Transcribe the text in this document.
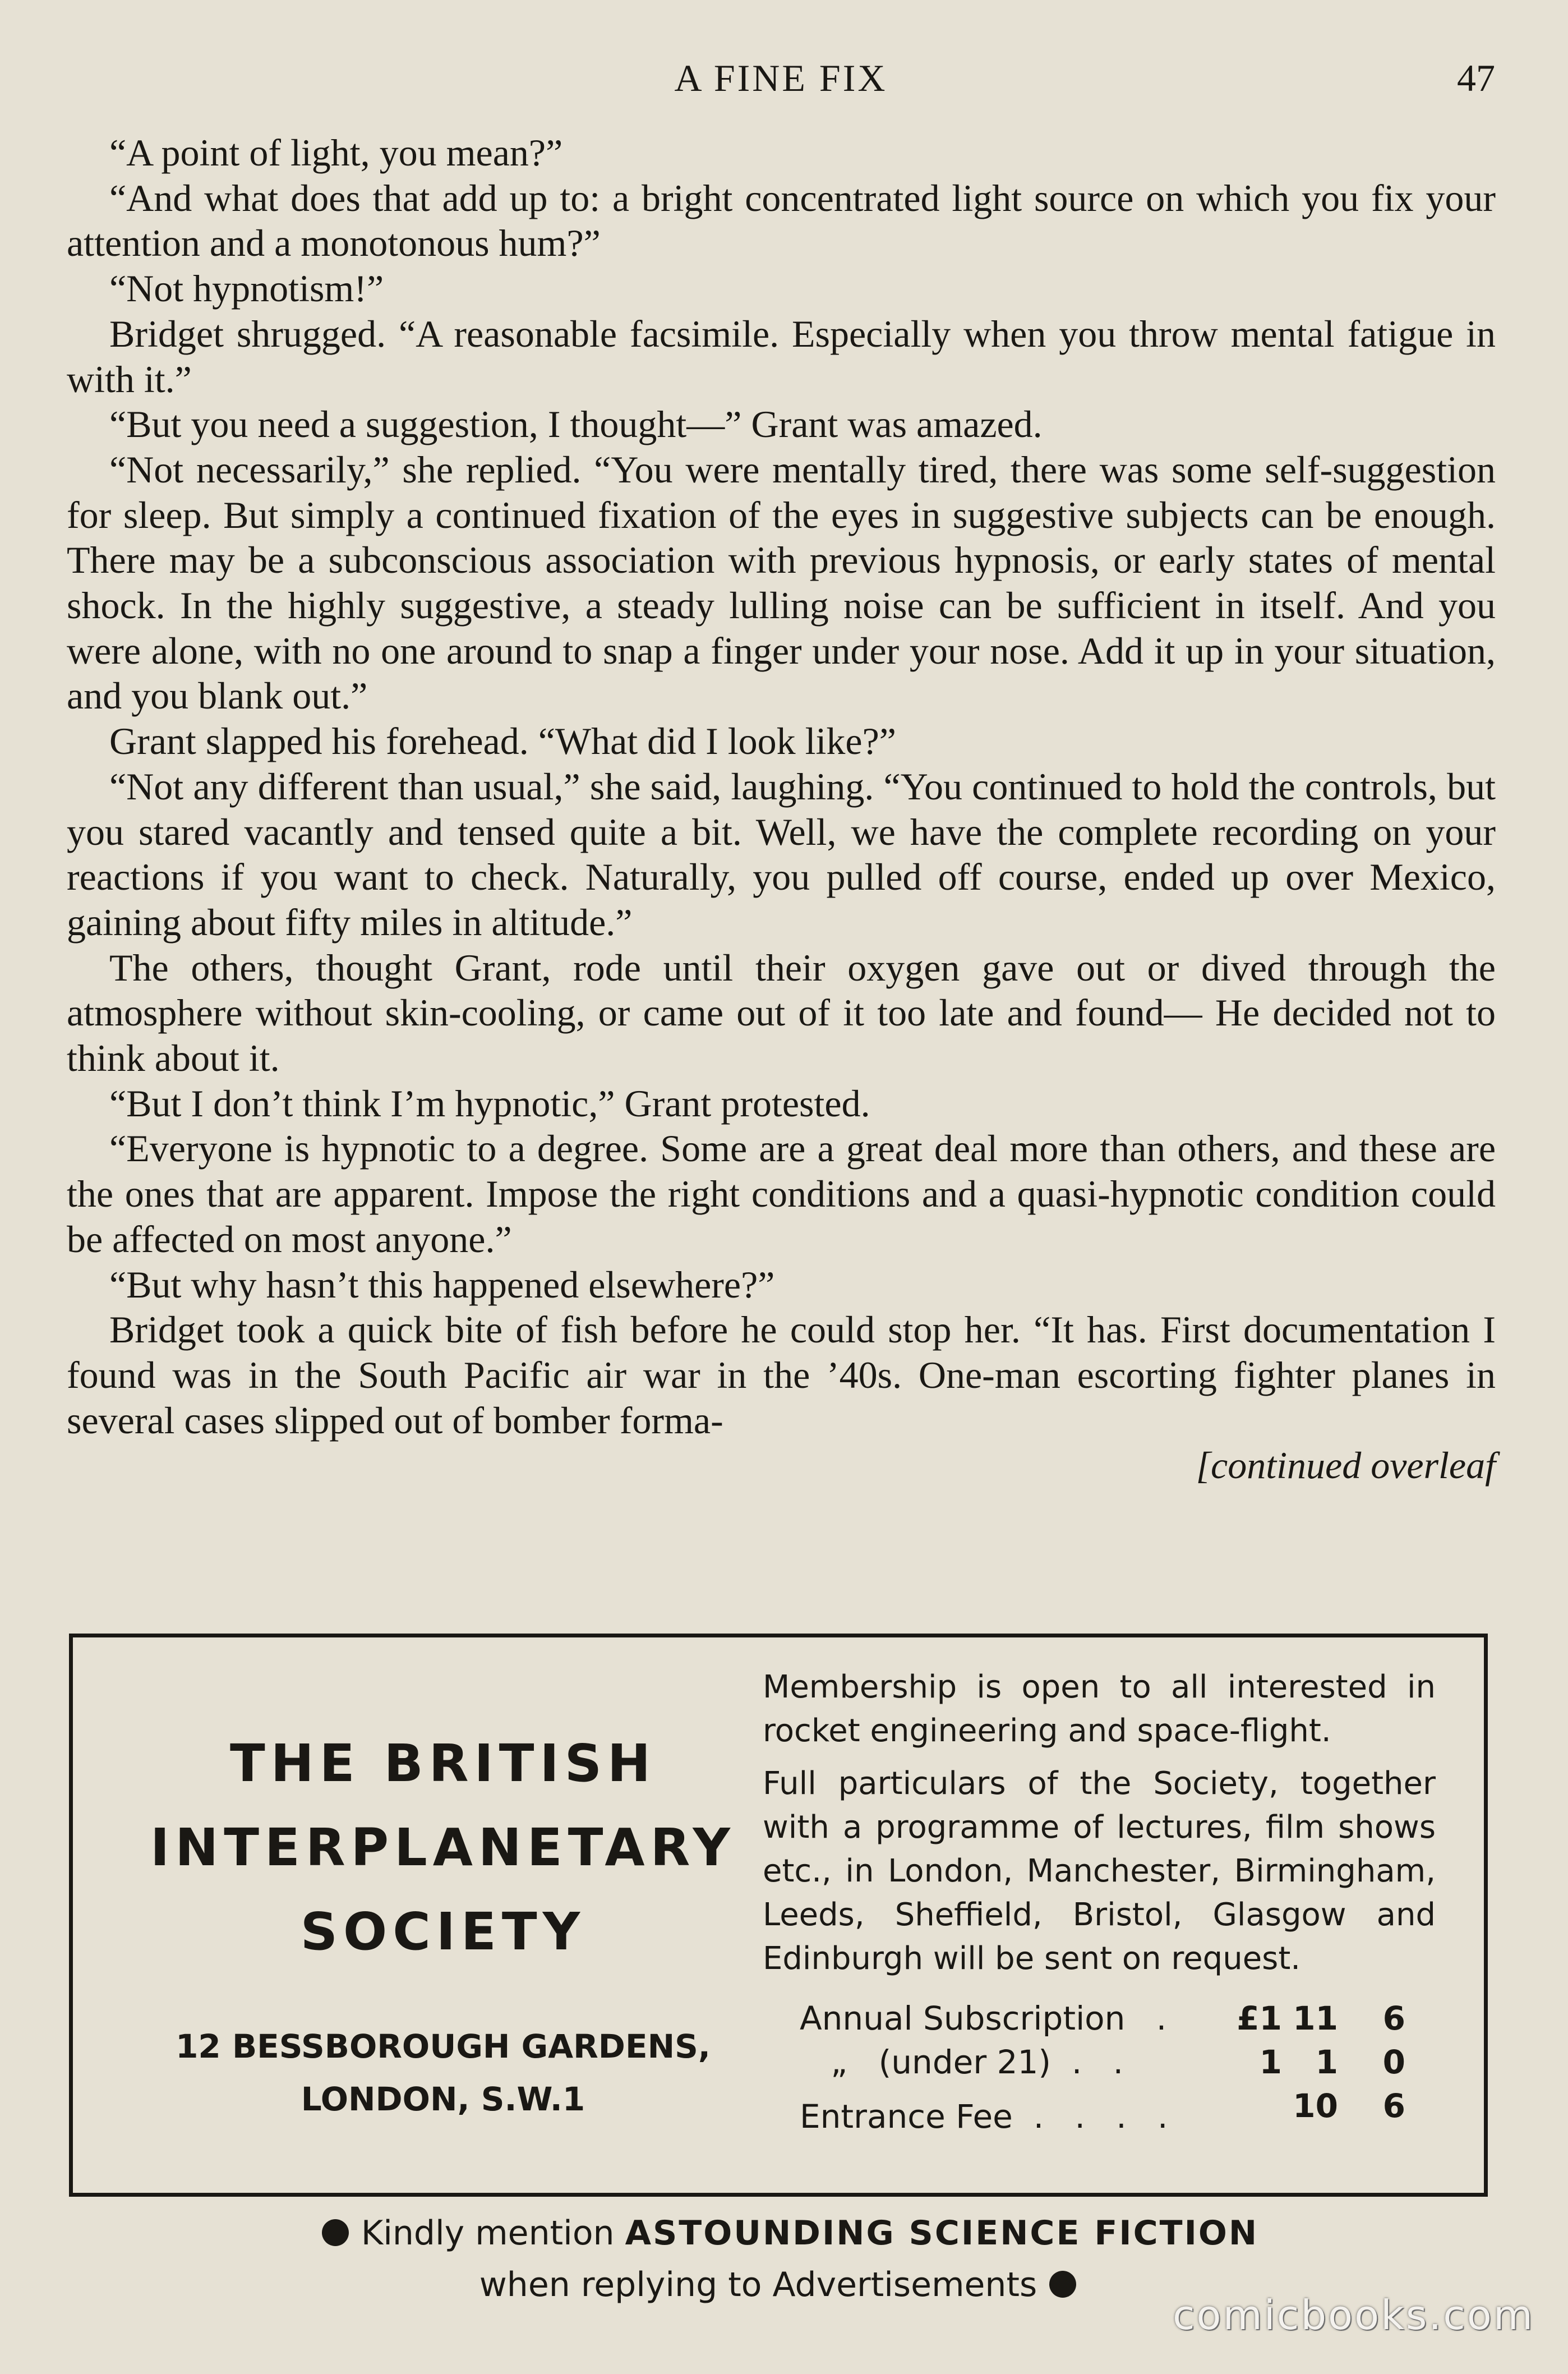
A FINE FIX	47

“A point of light, you mean?”

“And what does that add up to: a bright concentrated light source on which you fix your attention and a monotonous hum?”

“Not hypnotism!”

Bridget shrugged. “A reasonable facsimile. Especially when you throw mental fatigue in with it.”

“But you need a suggestion, I thought—” Grant was amazed.

“Not necessarily,” she replied. “You were mentally tired, there was some self-suggestion for sleep. But simply a continued fixation of the eyes in suggestive subjects can be enough. There may be a subconscious association with previous hypnosis, or early states of mental shock. In the highly suggestive, a steady lulling noise can be sufficient in itself. And you were alone, with no one around to snap a finger under your nose. Add it up in your situation, and you blank out.”

Grant slapped his forehead. “What did I look like?”

“Not any different than usual,” she said, laughing. “You continued to hold the controls, but you stared vacantly and tensed quite a bit. Well, we have the complete recording on your reactions if you want to check. Naturally, you pulled off course, ended up over Mexico, gaining about fifty miles in altitude.”

The others, thought Grant, rode until their oxygen gave out or dived through the atmosphere without skin-cooling, or came out of it too late and found— He decided not to think about it.

“But I don’t think I’m hypnotic,” Grant protested.

“Everyone is hypnotic to a degree. Some are a great deal more than others, and these are the ones that are apparent. Impose the right conditions and a quasi-hypnotic condition could be affected on most anyone.”

“But why hasn’t this happened elsewhere?”

Bridget took a quick bite of fish before he could stop her. “It has. First documentation I found was in the South Pacific air war in the ’40s. One-man escorting fighter planes in several cases slipped out of bomber forma-

[continued overleaf

THE BRITISH
INTERPLANETARY
SOCIETY
12 BESSBOROUGH GARDENS,
LONDON, S.W.1

Membership is open to all interested in rocket engineering and space-flight.

Full particulars of the Society, together with a programme of lectures, film shows etc., in London, Manchester, Birmingham, Leeds, Sheffield, Bristol, Glasgow and Edinburgh will be sent on request.

Annual Subscription   .	£1 11	6
„   (under 21)  .   .	1	1	0
Entrance Fee  .   .   .   .	10	6
Kindly mention ASTOUNDING SCIENCE FICTION
when replying to Advertisements
comicbooks.com
